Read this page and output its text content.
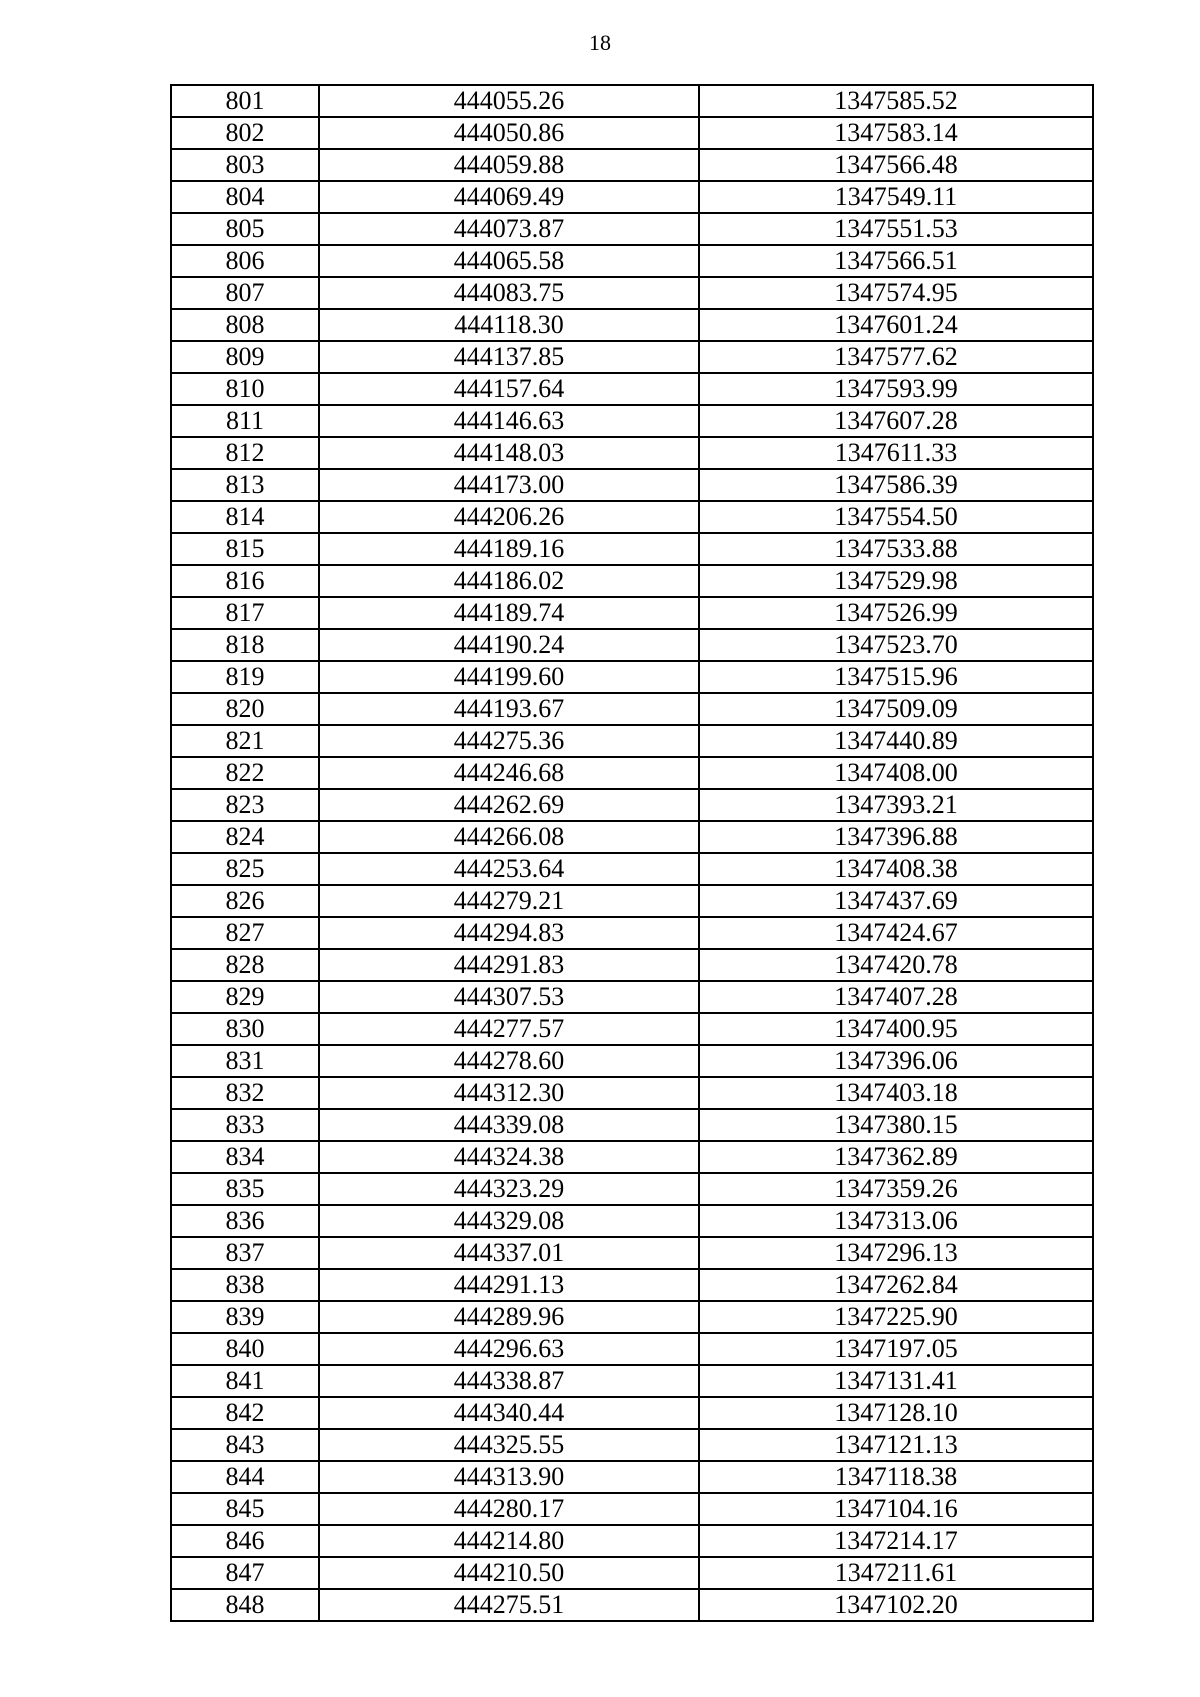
18
801	444055.26	1347585.52
802	444050.86	1347583.14
803	444059.88	1347566.48
804	444069.49	1347549.11
805	444073.87	1347551.53
806	444065.58	1347566.51
807	444083.75	1347574.95
808	444118.30	1347601.24
809	444137.85	1347577.62
810	444157.64	1347593.99
811	444146.63	1347607.28
812	444148.03	1347611.33
813	444173.00	1347586.39
814	444206.26	1347554.50
815	444189.16	1347533.88
816	444186.02	1347529.98
817	444189.74	1347526.99
818	444190.24	1347523.70
819	444199.60	1347515.96
820	444193.67	1347509.09
821	444275.36	1347440.89
822	444246.68	1347408.00
823	444262.69	1347393.21
824	444266.08	1347396.88
825	444253.64	1347408.38
826	444279.21	1347437.69
827	444294.83	1347424.67
828	444291.83	1347420.78
829	444307.53	1347407.28
830	444277.57	1347400.95
831	444278.60	1347396.06
832	444312.30	1347403.18
833	444339.08	1347380.15
834	444324.38	1347362.89
835	444323.29	1347359.26
836	444329.08	1347313.06
837	444337.01	1347296.13
838	444291.13	1347262.84
839	444289.96	1347225.90
840	444296.63	1347197.05
841	444338.87	1347131.41
842	444340.44	1347128.10
843	444325.55	1347121.13
844	444313.90	1347118.38
845	444280.17	1347104.16
846	444214.80	1347214.17
847	444210.50	1347211.61
848	444275.51	1347102.20
